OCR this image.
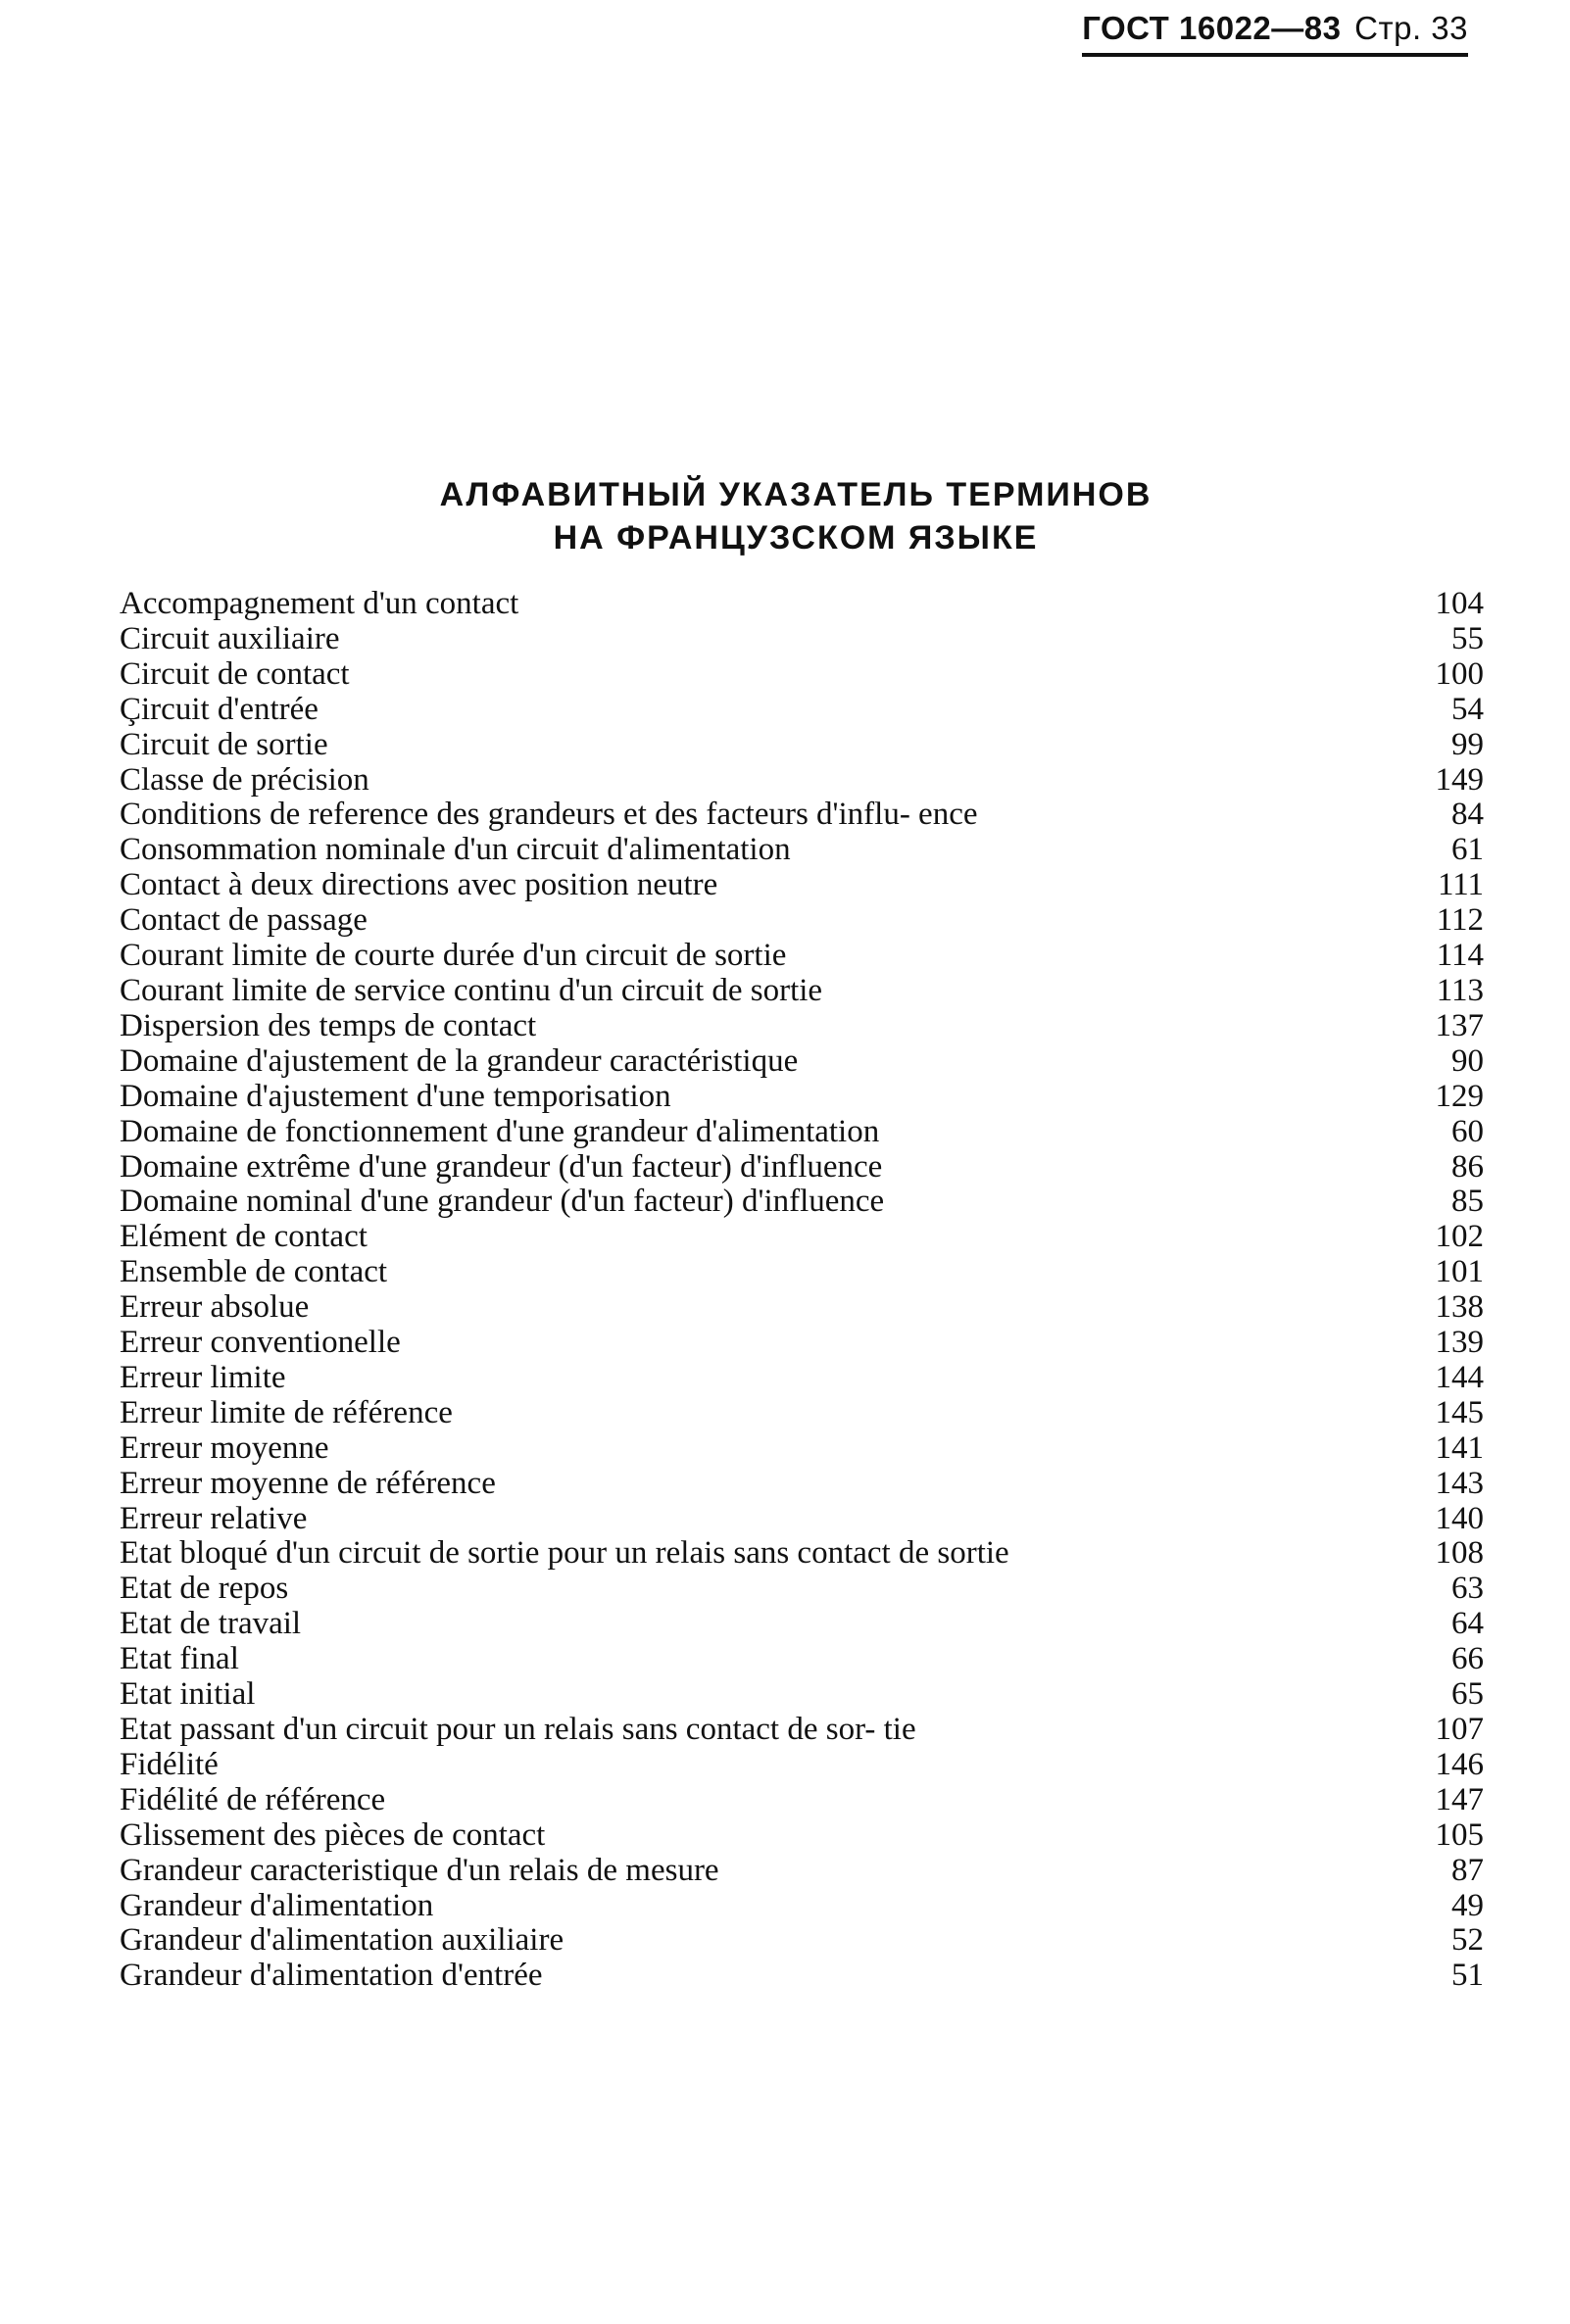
ГОСТ 16022—83 Стр. 33
АЛФАВИТНЫЙ УКАЗАТЕЛЬ ТЕРМИНОВ
НА ФРАНЦУЗСКОМ ЯЗЫКЕ
Accompagnement d'un contact	104
Circuit auxiliaire	55
Circuit de contact	100
Çircuit d'entrée	54
Circuit de sortie	99
Classe de précision	149
Conditions de reference des grandeurs et des facteurs d'influ- ence	84
Consommation nominale d'un circuit d'alimentation	61
Contact à deux directions avec position neutre	111
Contact de passage	112
Courant limite de courte durée d'un circuit de sortie	114
Courant limite de service continu d'un circuit de sortie	113
Dispersion des temps de contact	137
Domaine d'ajustement de la grandeur caractéristique	90
Domaine d'ajustement d'une temporisation	129
Domaine de fonctionnement d'une grandeur d'alimentation	60
Domaine extrême d'une grandeur (d'un facteur) d'influence	86
Domaine nominal d'une grandeur (d'un facteur) d'influence	85
Elément de contact	102
Ensemble de contact	101
Erreur absolue	138
Erreur conventionelle	139
Erreur limite	144
Erreur limite de référence	145
Erreur moyenne	141
Erreur moyenne de référence	143
Erreur relative	140
Etat bloqué d'un circuit de sortie pour un relais sans contact de sortie	108
Etat de repos	63
Etat de travail	64
Etat final	66
Etat initial	65
Etat passant d'un circuit pour un relais sans contact de sor- tie	107
Fidélité	146
Fidélité de référence	147
Glissement des pièces de contact	105
Grandeur caracteristique d'un relais de mesure	87
Grandeur d'alimentation	49
Grandeur d'alimentation auxiliaire	52
Grandeur d'alimentation d'entrée	51
